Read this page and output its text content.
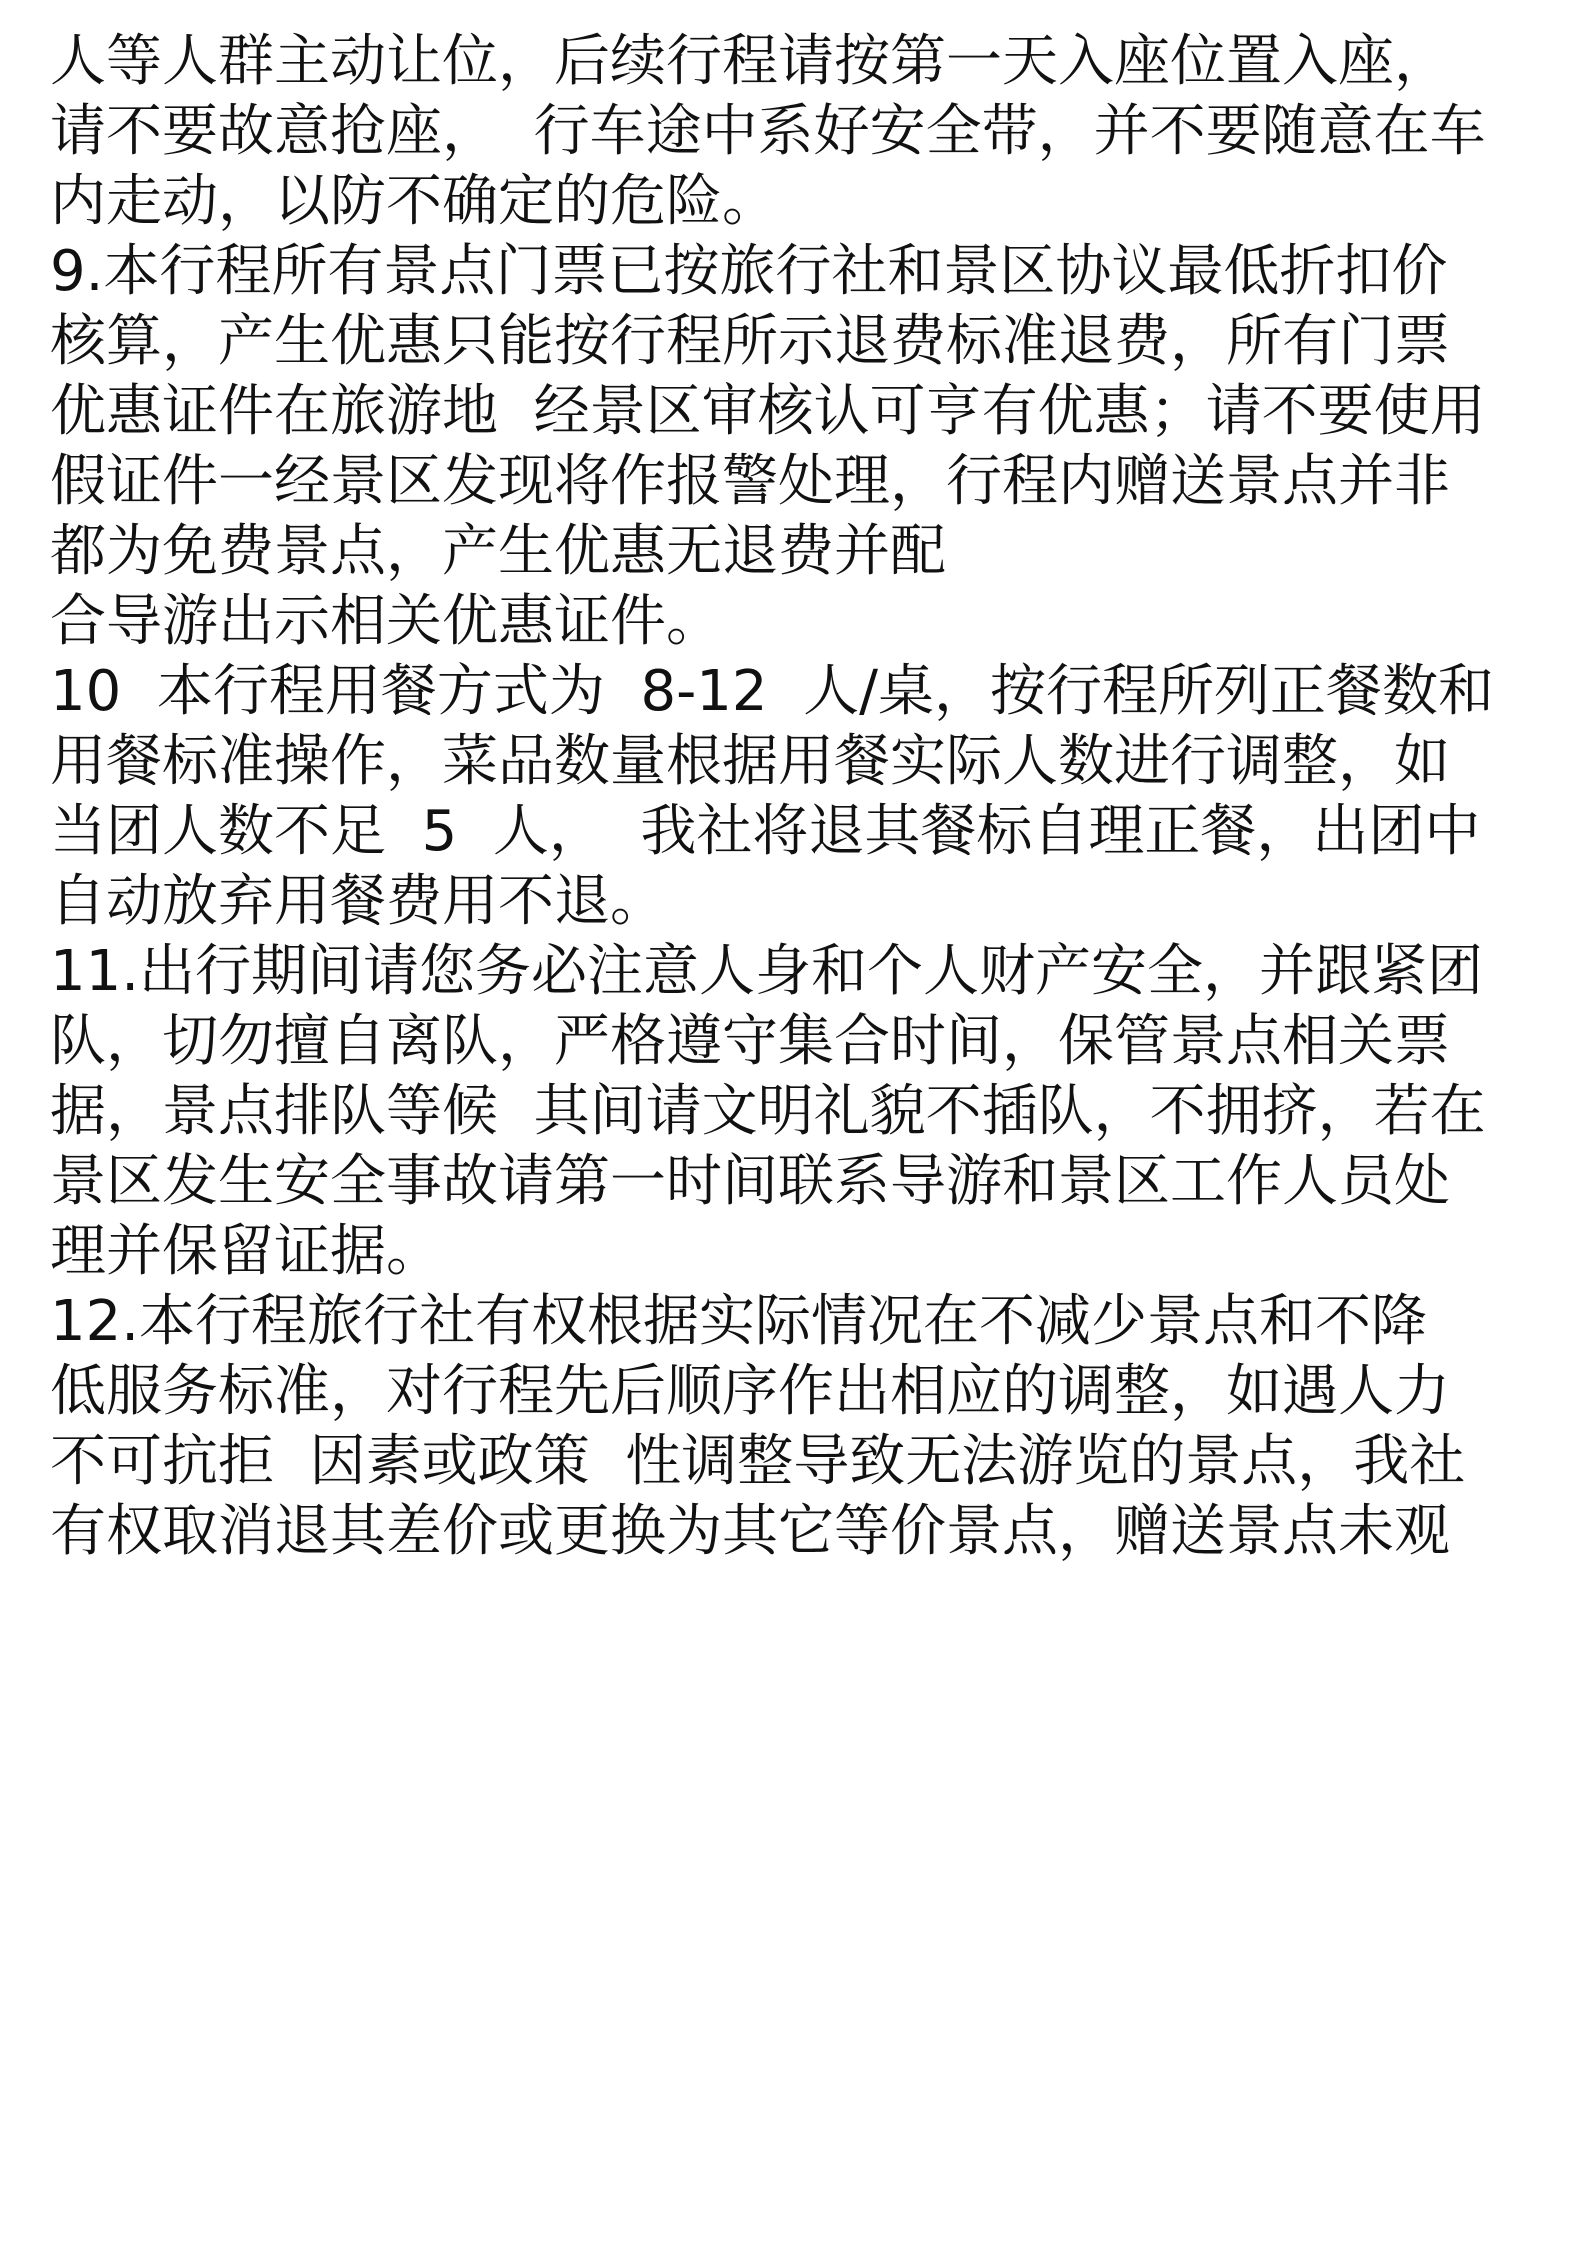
人等人群主动让位，后续行程请按第一天入座位置入座，
请不要故意抢座，  行车途中系好安全带，并不要随意在车
内走动，以防不确定的危险。
9.本行程所有景点门票已按旅行社和景区协议最低折扣价
核算，产生优惠只能按行程所示退费标准退费，所有门票
优惠证件在旅游地  经景区审核认可亨有优惠；请不要使用
假证件一经景区发现将作报警处理，行程内赠送景点并非
都为免费景点，产生优惠无退费并配
合导游出示相关优惠证件。
10  本行程用餐方式为  8-12  人/桌，按行程所列正餐数和
用餐标准操作，菜品数量根据用餐实际人数进行调整，如
当团人数不足  5  人，  我社将退其餐标自理正餐，出团中
自动放弃用餐费用不退。
11.出行期间请您务必注意人身和个人财产安全，并跟紧团
队，切勿擅自离队，严格遵守集合时间，保管景点相关票
据，景点排队等候  其间请文明礼貌不插队，不拥挤，若在
景区发生安全事故请第一时间联系导游和景区工作人员处
理并保留证据。
12.本行程旅行社有权根据实际情况在不减少景点和不降
低服务标准，对行程先后顺序作出相应的调整，如遇人力
不可抗拒  因素或政策  性调整导致无法游览的景点，我社
有权取消退其差价或更换为其它等价景点，赠送景点未观
